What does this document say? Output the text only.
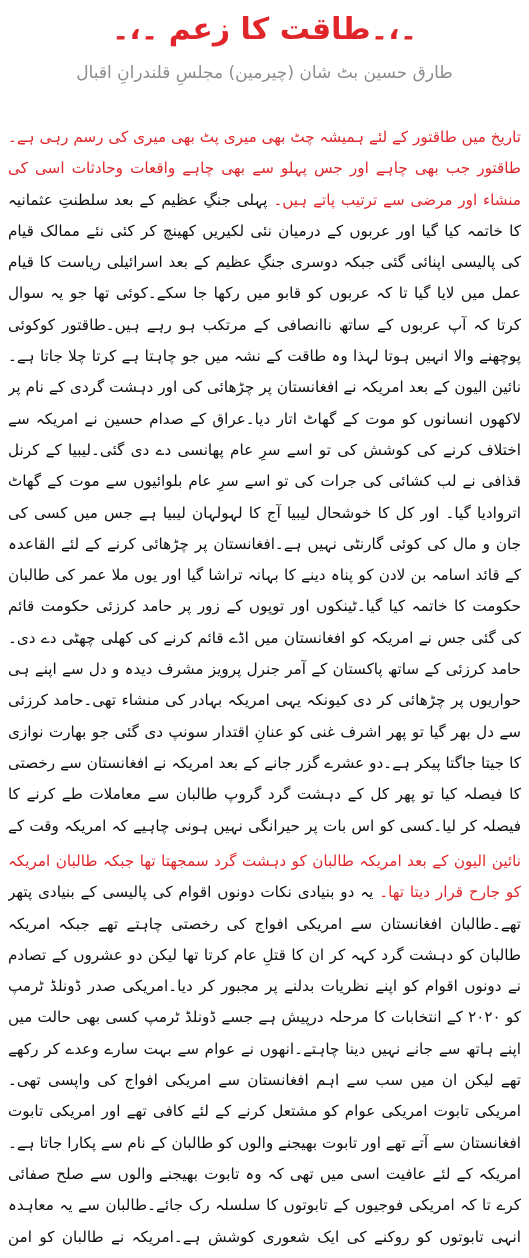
۔،۔طاقت کا زعم ۔،۔
طارق حسین بٹ شان (چیرمین) مجلسِ قلندرانِ اقبال

تاریخ میں طاقتور کے لئے ہمیشہ چٹ بھی میری پٹ بھی میری کی رسم رہی ہے۔طاقتور جب بھی چاہے اور جس پہلو سے بھی چاہے واقعات وحادثات اسی کی منشاء اور مرضی سے ترتیب پاتے ہیں۔ پہلی جنگِ عظیم کے بعد سلطنتِ عثمانیہ کا خاتمہ کیا گیا اور عربوں کے درمیان نئی لکیریں کھینچ کر کئی نئے ممالک قیام کی پالیسی اپنائی گئی جبکہ دوسری جنگِ عظیم کے بعد اسرائیلی ریاست کا قیام عمل میں لایا گیا تا کہ عربوں کو قابو میں رکھا جا سکے۔کوئی تھا جو یہ سوال کرتا کہ آپ عربوں کے ساتھ ناانصافی کے مرتکب ہو رہے ہیں۔طاقتور کوکوئی پوچھنے والا انہیں ہوتا لہذا وہ طاقت کے نشہ میں جو چاہتا ہے کرتا چلا جاتا ہے۔نائین الیون کے بعد امریکہ نے افغانستان پر چڑھائی کی اور دہشت گردی کے نام پر لاکھوں انسانوں کو موت کے گھاٹ اتار دیا۔عراق کے صدام حسین نے امریکہ سے اختلاف کرنے کی کوشش کی تو اسے سرِ عام پھانسی دے دی گئی۔لیبیا کے کرنل قذافی نے لب کشائی کی جرات کی تو اسے سرِ عام بلوائیوں سے موت کے گھاٹ اتروادیا گیا۔ اور کل کا خوشحال لیبیا آج کا لہولہان لیبیا ہے جس میں کسی کی جان و مال کی کوئی گارنٹی نہیں ہے۔افغانستان پر چڑھائی کرنے کے لئے القاعدہ کے قائد اسامہ بن لادن کو پناہ دینے کا بہانہ تراشا گیا اور یوں ملا عمر کی طالبان حکومت کا خاتمہ کیا گیا۔ٹینکوں اور توپوں کے زور پر حامد کرزئی حکومت قائم کی گئی جس نے امریکہ کو افغانستان میں اڈے قائم کرنے کی کھلی چھٹی دے دی۔حامد کرزئی کے ساتھ پاکستان کے آمر جنرل پرویز مشرف دیدہ و دل سے اپنے ہی حواریوں پر چڑھائی کر دی کیونکہ یہی امریکہ بہادر کی منشاء تھی۔حامد کرزئی سے دل بھر گیا تو پھر اشرف غنی کو عنانِ اقتدار سونپ دی گئی جو بھارت نوازی کا جیتا جاگتا پیکر ہے۔دو عشرے گزر جانے کے بعد امریکہ نے افغانستان سے رخصتی کا فیصلہ کیا تو پھر کل کے دہشت گرد گروپ طالبان سے معاملات طے کرنے کا فیصلہ کر لیا۔کسی کو اس بات پر حیرانگی نہیں ہونی چاہیے کہ امریکہ وقت کے

نائین الیون کے بعد امریکہ طالبان کو دہشت گرد سمجھتا تھا جبکہ طالبان امریکہ کو جارح قرار دیتا تھا۔ یہ دو بنیادی نکات دونوں اقوام کی پالیسی کے بنیادی پتھر تھے۔طالبان افغانستان سے امریکی افواج کی رخصتی چاہتے تھے جبکہ امریکہ طالبان کو دہشت گرد کہہ کر ان کا قتلِ عام کرتا تھا لیکن دو عشروں کے تصادم نے دونوں اقوام کو اپنے نظریات بدلنے پر مجبور کر دیا۔امریکی صدر ڈونلڈ ٹرمپ کو ۲۰۲۰ کے انتخابات کا مرحلہ درپیش ہے جسے ڈونلڈ ٹرمپ کسی بھی حالت میں اپنے ہاتھ سے جانے نہیں دینا چاہتے۔انھوں نے عوام سے بہت سارے وعدے کر رکھے تھے لیکن ان میں سب سے اہم افغانستان سے امریکی افواج کی واپسی تھی۔امریکی تابوت امریکی عوام کو مشتعل کرنے کے لئے کافی تھے اور امریکی تابوت افغانستان سے آتے تھے اور تابوت بھیجنے والوں کو طالبان کے نام سے پکارا جاتا ہے۔امریکہ کے لئے عافیت اسی میں تھی کہ وہ تابوت بھیجنے والوں سے صلح صفائی کرے تا کہ امریکی فوجیوں کے تابوتوں کا سلسلہ رک جائے۔طالبان سے یہ معاہدہ انہی تابوتوں کو روکنے کی ایک شعوری کوشش ہے۔امریکہ نے طالبان کو امن
